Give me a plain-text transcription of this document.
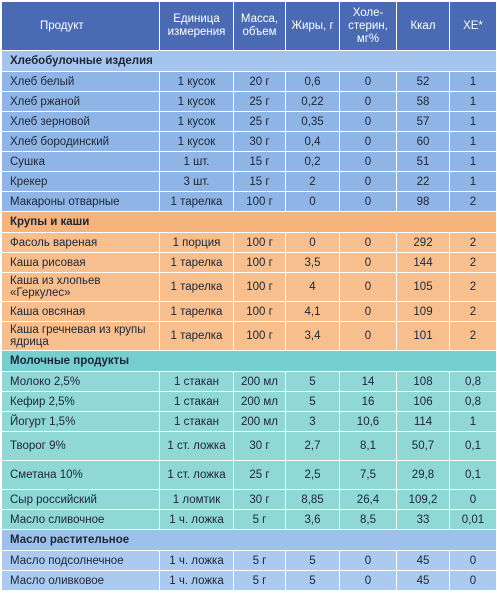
Продукт	Единица измерения	Масса, объем	Жиры, г	Холе-стерин, мг%	Ккал	ХЕ*
Хлебобулочные изделия						
Хлеб белый	1 кусок	20 г	0,6	0	52	1
Хлеб ржаной	1 кусок	25 г	0,22	0	58	1
Хлеб зерновой	1 кусок	25 г	0,35	0	57	1
Хлеб бородинский	1 кусок	30 г	0,4	0	60	1
Сушка	1 шт.	15 г	0,2	0	51	1
Крекер	3 шт.	15 г	2	0	22	1
Макароны отварные	1 тарелка	100 г	0	0	98	2
Крупы и каши						
Фасоль вареная	1 порция	100 г	0	0	292	2
Каша рисовая	1 тарелка	100 г	3,5	0	144	2
Каша из хлопьев «Геркулес»	1 тарелка	100 г	4	0	105	2
Каша овсяная	1 тарелка	100 г	4,1	0	109	2
Каша гречневая из крупы ядрица	1 тарелка	100 г	3,4	0	101	2
Молочные продукты						
Молоко 2,5%	1 стакан	200 мл	5	14	108	0,8
Кефир 2,5%	1 стакан	200 мл	5	16	106	0,8
Йогурт 1,5%	1 стакан	200 мл	3	10,6	114	1
Творог 9%	1 ст. ложка	30 г	2,7	8,1	50,7	0,1
Сметана 10%	1 ст. ложка	25 г	2,5	7,5	29,8	0,1
Сыр российский	1 ломтик	30 г	8,85	26,4	109,2	0
Масло сливочное	1 ч. ложка	5 г	3,6	8,5	33	0,01
Масло растительное						
Масло подсолнечное	1 ч. ложка	5 г	5	0	45	0
Масло оливковое	1 ч. ложка	5 г	5	0	45	0
